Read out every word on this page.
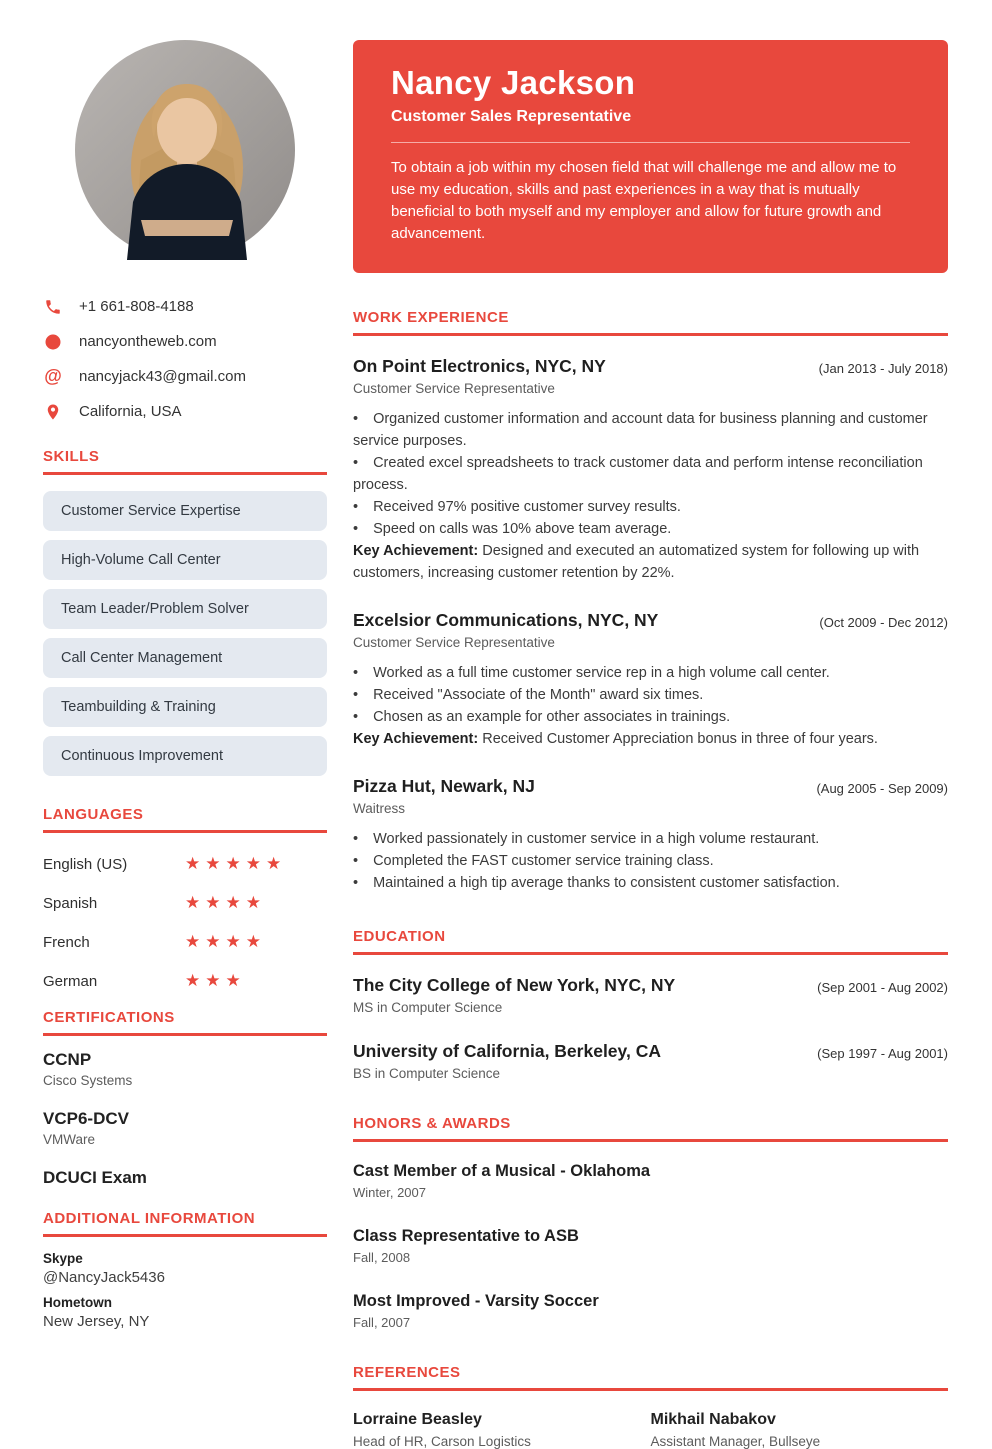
+1 661-808-4188
nancyontheweb.com
@ nancyjack43@gmail.com
California, USA
SKILLS
Customer Service Expertise
High-Volume Call Center
Team Leader/Problem Solver
Call Center Management
Teambuilding & Training
Continuous Improvement
LANGUAGES
English (US)	★★★★★
Spanish	★★★★
French	★★★★
German	★★★
CERTIFICATIONS
CCNP
Cisco Systems
VCP6-DCV
VMWare
DCUCI Exam
ADDITIONAL INFORMATION
Skype
@NancyJack5436
Hometown
New Jersey, NY
Nancy Jackson
Customer Sales Representative
To obtain a job within my chosen field that will challenge me and allow me to use my education, skills and past experiences in a way that is mutually beneficial to both myself and my employer and allow for future growth and advancement.
WORK EXPERIENCE
On Point Electronics, NYC, NY
Customer Service Representative
(Jan 2013 - July 2018)

• Organized customer information and account data for business planning and customer service purposes.

• Created excel spreadsheets to track customer data and perform intense reconciliation process.

• Received 97% positive customer survey results.

• Speed on calls was 10% above team average.

Key Achievement: Designed and executed an automatized system for following up with customers, increasing customer retention by 22%.

Excelsior Communications, NYC, NY
Customer Service Representative
(Oct 2009 - Dec 2012)

• Worked as a full time customer service rep in a high volume call center.

• Received "Associate of the Month" award six times.

• Chosen as an example for other associates in trainings.

Key Achievement: Received Customer Appreciation bonus in three of four years.

Pizza Hut, Newark, NJ
Waitress
(Aug 2005 - Sep 2009)

• Worked passionately in customer service in a high volume restaurant.

• Completed the FAST customer service training class.

• Maintained a high tip average thanks to consistent customer satisfaction.

EDUCATION
The City College of New York, NYC, NY
MS in Computer Science
(Sep 2001 - Aug 2002)
University of California, Berkeley, CA
BS in Computer Science
(Sep 1997 - Aug 2001)
HONORS & AWARDS
Cast Member of a Musical - Oklahoma
Winter, 2007
Class Representative to ASB
Fall, 2008
Most Improved - Varsity Soccer
Fall, 2007
REFERENCES
Lorraine Beasley
Head of HR, Carson Logistics
Mikhail Nabakov
Assistant Manager, Bullseye
